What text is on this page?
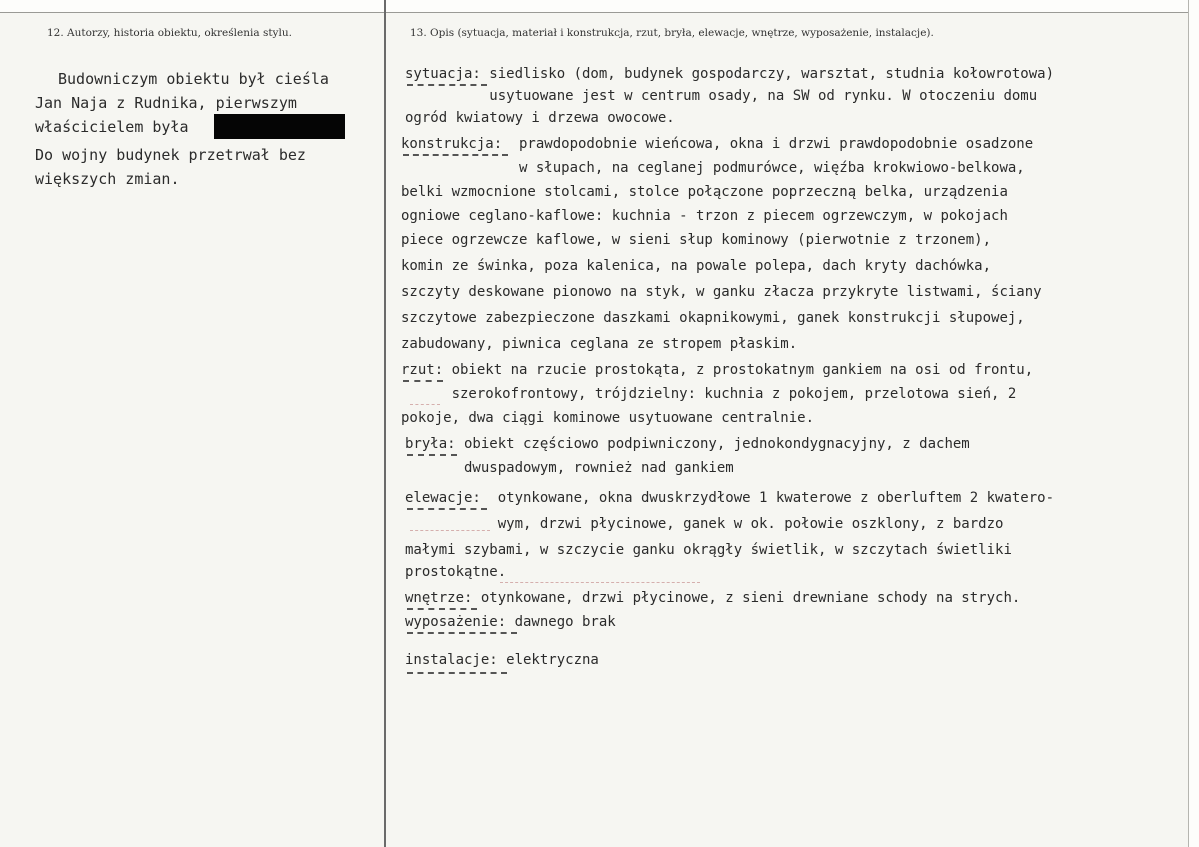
12. Autorzy, historia obiektu, określenia stylu.	13. Opis (sytuacja, materiał i konstrukcja, rzut, bryła, elewacje, wnętrze, wyposażenie, instalacje).
Budowniczym obiektu był cieśla
Jan Naja z Rudnika, pierwszym
właścicielem była
Do wojny budynek przetrwał bez
większych zmian.
sytuacja: siedlisko (dom, budynek gospodarczy, warsztat, studnia kołowrotowa)
usytuowane jest w centrum osady, na SW od rynku. W otoczeniu domu
ogród kwiatowy i drzewa owocowe.
konstrukcja:  prawdopodobnie wieńcowa, okna i drzwi prawdopodobnie osadzone
w słupach, na ceglanej podmurówce, więźba krokwiowo-belkowa,
belki wzmocnione stolcami, stolce połączone poprzeczną belka, urządzenia
ogniowe ceglano-kaflowe: kuchnia - trzon z piecem ogrzewczym, w pokojach
piece ogrzewcze kaflowe, w sieni słup kominowy (pierwotnie z trzonem),
komin ze świnka, poza kalenica, na powale polepa, dach kryty dachówka,
szczyty deskowane pionowo na styk, w ganku złacza przykryte listwami, ściany
szczytowe zabezpieczone daszkami okapnikowymi, ganek konstrukcji słupowej,
zabudowany, piwnica ceglana ze stropem płaskim.
rzut: obiekt na rzucie prostokąta, z prostokatnym gankiem na osi od frontu,
szerokofrontowy, trójdzielny: kuchnia z pokojem, przelotowa sień, 2
pokoje, dwa ciągi kominowe usytuowane centralnie.
bryła: obiekt częściowo podpiwniczony, jednokondygnacyjny, z dachem
dwuspadowym, rownież nad gankiem
elewacje:  otynkowane, okna dwuskrzydłowe 1 kwaterowe z oberluftem 2 kwatero-
wym, drzwi płycinowe, ganek w ok. połowie oszklony, z bardzo
małymi szybami, w szczycie ganku okrągły świetlik, w szczytach świetliki
prostokątne.
wnętrze: otynkowane, drzwi płycinowe, z sieni drewniane schody na strych.
wyposażenie: dawnego brak
instalacje: elektryczna
